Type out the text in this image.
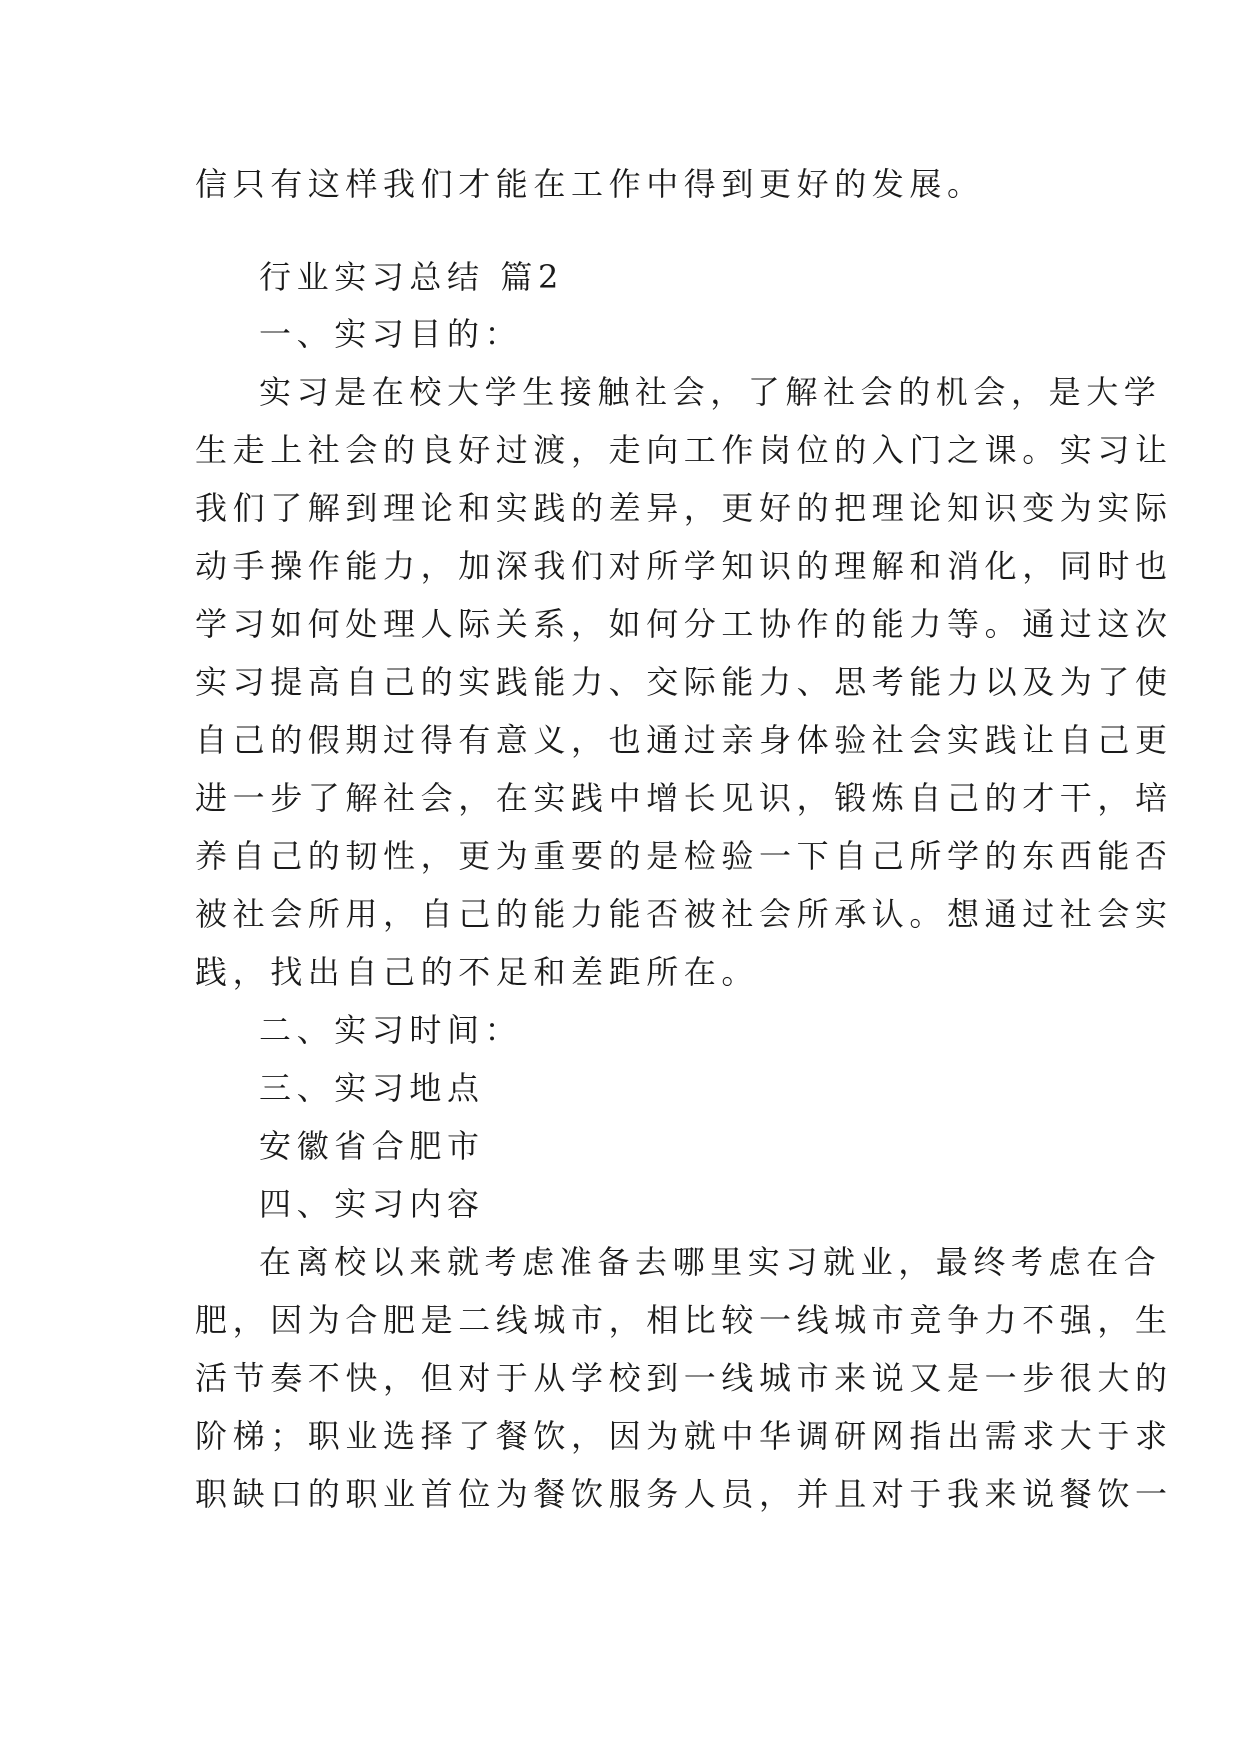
信只有这样我们才能在工作中得到更好的发展。
行业实习总结 篇2
一、实习目的：
实习是在校大学生接触社会，了解社会的机会，是大学
生走上社会的良好过渡，走向工作岗位的入门之课。实习让
我们了解到理论和实践的差异，更好的把理论知识变为实际
动手操作能力，加深我们对所学知识的理解和消化，同时也
学习如何处理人际关系，如何分工协作的能力等。通过这次
实习提高自己的实践能力、交际能力、思考能力以及为了使
自己的假期过得有意义，也通过亲身体验社会实践让自己更
进一步了解社会，在实践中增长见识，锻炼自己的才干，培
养自己的韧性，更为重要的是检验一下自己所学的东西能否
被社会所用，自己的能力能否被社会所承认。想通过社会实
践，找出自己的不足和差距所在。
二、实习时间：
三、实习地点
安徽省合肥市
四、实习内容
在离校以来就考虑准备去哪里实习就业，最终考虑在合
肥，因为合肥是二线城市，相比较一线城市竞争力不强，生
活节奏不快，但对于从学校到一线城市来说又是一步很大的
阶梯；职业选择了餐饮，因为就中华调研网指出需求大于求
职缺口的职业首位为餐饮服务人员，并且对于我来说餐饮一
